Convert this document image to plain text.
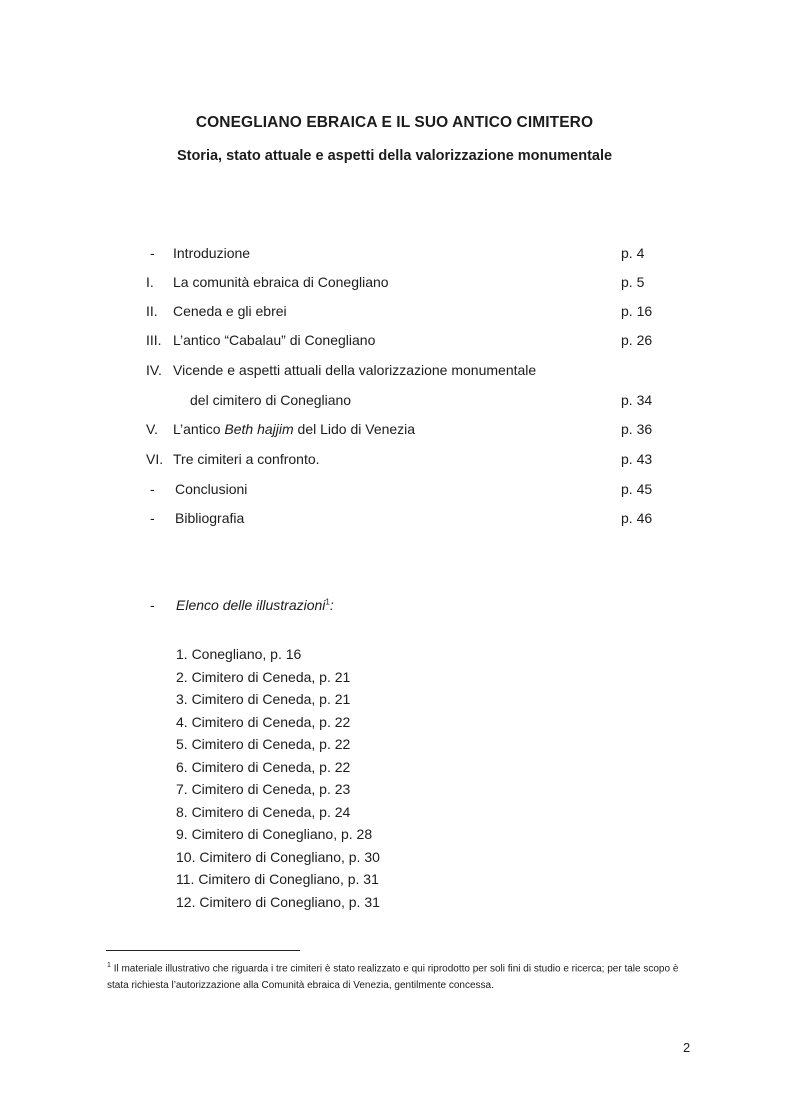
CONEGLIANO EBRAICA E IL SUO ANTICO CIMITERO
Storia, stato attuale e aspetti della valorizzazione monumentale
- Introduzione	p. 4
I. La comunità ebraica di Conegliano	p. 5
II. Ceneda e gli ebrei	p. 16
III. L’antico “Cabalau” di Conegliano	p. 26
IV. Vicende e aspetti attuali della valorizzazione monumentale
del cimitero di Conegliano	p. 34
V. L’antico Beth hajjim del Lido di Venezia	p. 36
VI. Tre cimiteri a confronto.	p. 43
- Conclusioni	p. 45
- Bibliografia	p. 46
- Elenco delle illustrazioni$^1$:
1. Conegliano, p. 16
2. Cimitero di Ceneda, p. 21
3. Cimitero di Ceneda, p. 21
4. Cimitero di Ceneda, p. 22
5. Cimitero di Ceneda, p. 22
6. Cimitero di Ceneda, p. 22
7. Cimitero di Ceneda, p. 23
8. Cimitero di Ceneda, p. 24
9. Cimitero di Conegliano, p. 28
10. Cimitero di Conegliano, p. 30
11. Cimitero di Conegliano, p. 31
12. Cimitero di Conegliano, p. 31
$^1$ Il materiale illustrativo che riguarda i tre cimiteri è stato realizzato e qui riprodotto per soli fini di studio e ricerca; per tale scopo è stata richiesta l’autorizzazione alla Comunità ebraica di Venezia, gentilmente concessa.
2
